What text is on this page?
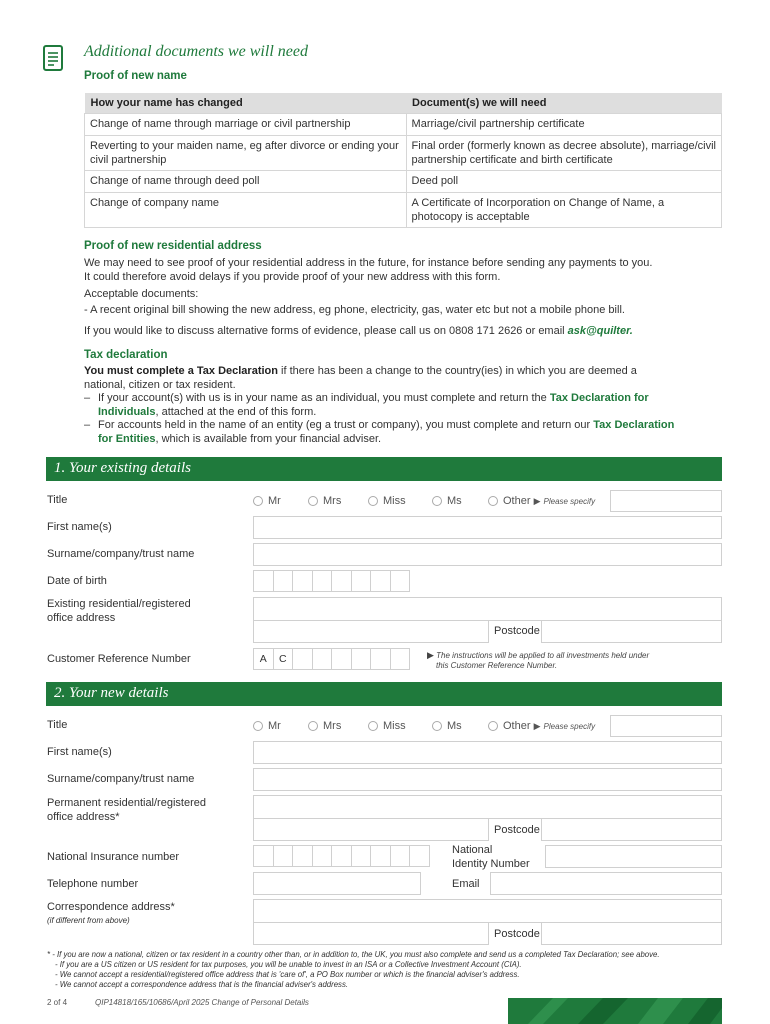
Additional documents we will need
Proof of new name
How your name has changed	Document(s) we will need
Change of name through marriage or civil partnership	Marriage/civil partnership certificate
Reverting to your maiden name, eg after divorce or ending your civil partnership	Final order (formerly known as decree absolute), marriage/civil partnership certificate and birth certificate
Change of name through deed poll	Deed poll
Change of company name	A Certificate of Incorporation on Change of Name, a photocopy is acceptable
Proof of new residential address
We may need to see proof of your residential address in the future, for instance before sending any payments to you.
It could therefore avoid delays if you provide proof of your new address with this form.
Acceptable documents:
- A recent original bill showing the new address, eg phone, electricity, gas, water etc but not a mobile phone bill.
If you would like to discuss alternative forms of evidence, please call us on 0808 171 2626 or email ask@quilter.
Tax declaration
You must complete a Tax Declaration if there has been a change to the country(ies) in which you are deemed a
national, citizen or tax resident.
– If your account(s) with us is in your name as an individual, you must complete and return the Tax Declaration for
Individuals, attached at the end of this form.
– For accounts held in the name of an entity (eg a trust or company), you must complete and return our Tax Declaration
for Entities, which is available from your financial adviser.
1. Your existing details
Title	Mr	Mrs	Miss	Ms	Other
▶ Please specify
First name(s)
Surname/company/trust name
Date of birth
Existing residential/registered
office address
Postcode
Customer Reference Number	A	C	▶ The instructions will be applied to all investments held under
this Customer Reference Number.
2. Your new details
Title	Mr	Mrs	Miss	Ms	Other
▶ Please specify
First name(s)
Surname/company/trust name
Permanent residential/registered
office address*
Postcode
National Insurance number
National
Identity Number
Telephone number	Email
Correspondence address*
(if different from above)
Postcode
* - If you are now a national, citizen or tax resident in a country other than, or in addition to, the UK, you must also complete and send us a completed Tax Declaration; see above.
- If you are a US citizen or US resident for tax purposes, you will be unable to invest in an ISA or a Collective Investment Account (CIA).
- We cannot accept a residential/registered office address that is 'care of', a PO Box number or which is the financial adviser's address.
- We cannot accept a correspondence address that is the financial adviser's address.
2 of 4	QIP14818/165/10686/April 2025 Change of Personal Details
